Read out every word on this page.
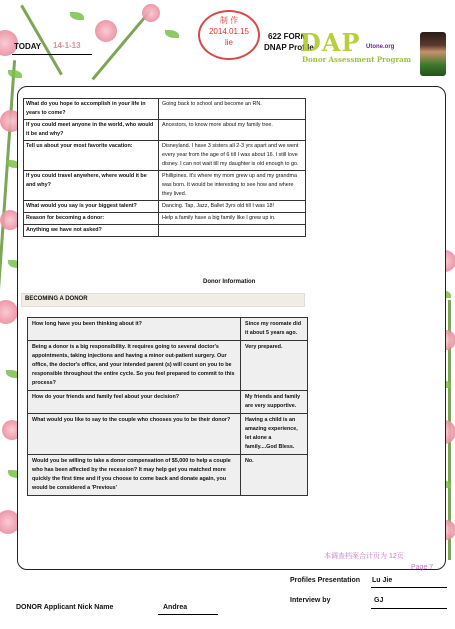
制 作
2014.01.15
lie
TODAY 14-1-13
622 FORM
DNAP Profile
DAP Utone.org
Donor Assessment Program
What do you hope to accomplish in your life in years to come?	Going back to school and become an RN.
If you could meet anyone in the world, who would it be and why?	Ancestors, to know more about my family tree.
Tell us about your most favorite vacation:	Disneyland. I have 3 sisters all 2-3 yrs apart and we went every year from the age of 6 till I was about 16. I still love disney. I can not wait till my daughter is old enough to go.
If you could travel anywhere, where would it be and why?	Phillipines. It's where my mom grew up and my grandma was born. It would be interesting to see how and where they lived.
What would you say is your biggest talent?	Dancing. Tap, Jazz, Ballet 3yrs old till I was 18!
Reason for becoming a donor:	Help a family have a big family like I grew up in.
Anything we have not asked?	
Donor Information
BECOMING A DONOR
How long have you been thinking about it?	Since my roomate did it about 5 years ago.
Being a donor is a big responsibility. It requires going to several doctor's appointments, taking injections and having a minor out-patient surgery. Our office, the doctor's office, and your intended parent (s) will count on you to be responsible throughout the entire cycle. So you feel prepared to commit to this process?	Very prepared.
How do your friends and family feel about your decision?	My friends and family are very supportive.
What would you like to say to the couple who chooses you to be their donor?	Having a child is an amazing experience, let alone a family....God Bless.
Would you be willing to take a donor compensation of $5,000 to help a couple who has been affected by the recession? It may help get you matched more quickly the first time and if you choose to come back and donate again, you would be considered a 'Previous'	No.
本调查档案合计页为 12页
Page 7
Profiles Presentation Lu Jie
Interview by	GJ
DONOR Applicant Nick Name	Andrea
